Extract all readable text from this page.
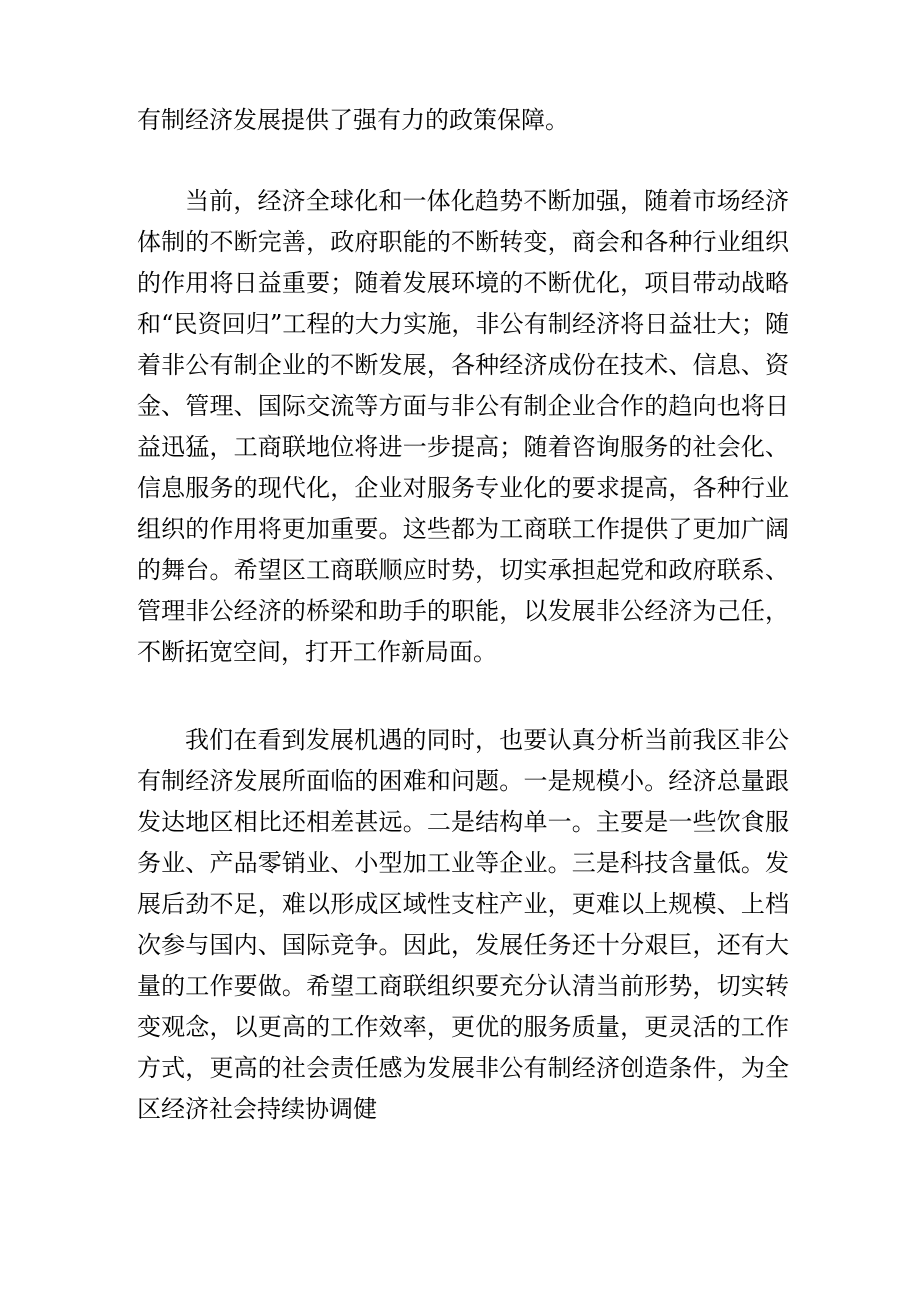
有制经济发展提供了强有力的政策保障。

当前，经济全球化和一体化趋势不断加强，随着市场经济体制的不断完善，政府职能的不断转变，商会和各种行业组织的作用将日益重要；随着发展环境的不断优化，项目带动战略和“民资回归”工程的大力实施，非公有制经济将日益壮大；随着非公有制企业的不断发展，各种经济成份在技术、信息、资金、管理、国际交流等方面与非公有制企业合作的趋向也将日益迅猛，工商联地位将进一步提高；随着咨询服务的社会化、信息服务的现代化，企业对服务专业化的要求提高，各种行业组织的作用将更加重要。这些都为工商联工作提供了更加广阔的舞台。希望区工商联顺应时势，切实承担起党和政府联系、管理非公经济的桥梁和助手的职能，以发展非公经济为己任，不断拓宽空间，打开工作新局面。

我们在看到发展机遇的同时，也要认真分析当前我区非公有制经济发展所面临的困难和问题。一是规模小。经济总量跟发达地区相比还相差甚远。二是结构单一。主要是一些饮食服务业、产品零销业、小型加工业等企业。三是科技含量低。发展后劲不足，难以形成区域性支柱产业，更难以上规模、上档次参与国内、国际竞争。因此，发展任务还十分艰巨，还有大量的工作要做。希望工商联组织要充分认清当前形势，切实转变观念，以更高的工作效率，更优的服务质量，更灵活的工作方式，更高的社会责任感为发展非公有制经济创造条件，为全区经济社会持续协调健
